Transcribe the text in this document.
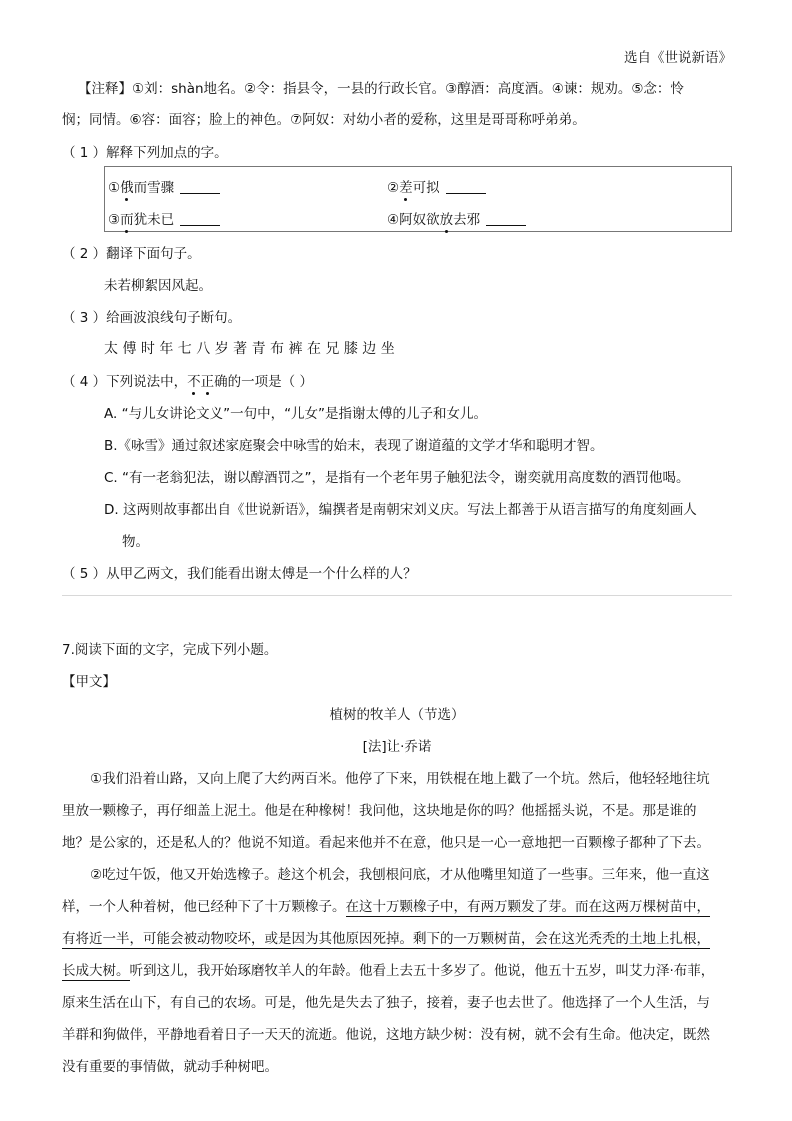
选自《世说新语》
【注释】①刘：shàn地名。②令：指县令，一县的行政长官。③醇酒：高度酒。④谏：规劝。⑤念：怜
悯；同情。⑥容：面容；脸上的神色。⑦阿奴：对幼小者的爱称，这里是哥哥称呼弟弟。
（ 1 ）解释下列加点的字。
①俄而雪骤	②差可拟
③而犹未已	④阿奴欲放去邪
（ 2 ）翻译下面句子。
未若柳絮因风起。
（ 3 ）给画波浪线句子断句。
太 傅 时 年 七 八 岁 著 青 布 裤 在 兄 膝 边 坐
（ 4 ）下列说法中，不正确的一项是（ ）
A. “与儿女讲论文义”一句中，“儿女”是指谢太傅的儿子和女儿。
B.《咏雪》通过叙述家庭聚会中咏雪的始末，表现了谢道蕴的文学才华和聪明才智。
C. “有一老翁犯法，谢以醇酒罚之”，是指有一个老年男子触犯法令，谢奕就用高度数的酒罚他喝。
D. 这两则故事都出自《世说新语》，编撰者是南朝宋刘义庆。写法上都善于从语言描写的角度刻画人
物。
（ 5 ）从甲乙两文，我们能看出谢太傅是一个什么样的人？
7.阅读下面的文字，完成下列小题。
【甲文】
植树的牧羊人（节选）
[法]让·乔诺
①我们沿着山路，又向上爬了大约两百米。他停了下来，用铁棍在地上戳了一个坑。然后，他轻轻地往坑
里放一颗橡子，再仔细盖上泥土。他是在种橡树！我问他，这块地是你的吗？他摇摇头说，不是。那是谁的
地？是公家的，还是私人的？他说不知道。看起来他并不在意，他只是一心一意地把一百颗橡子都种了下去。
②吃过午饭，他又开始选橡子。趁这个机会，我刨根问底，才从他嘴里知道了一些事。三年来，他一直这
样，一个人种着树，他已经种下了十万颗橡子。在这十万颗橡子中，有两万颗发了芽。而在这两万棵树苗中，
有将近一半，可能会被动物咬坏，或是因为其他原因死掉。剩下的一万颗树苗，会在这光秃秃的土地上扎根，
长成大树。听到这儿，我开始琢磨牧羊人的年龄。他看上去五十多岁了。他说，他五十五岁，叫艾力泽·布菲，
原来生活在山下，有自己的农场。可是，他先是失去了独子，接着，妻子也去世了。他选择了一个人生活，与
羊群和狗做伴，平静地看着日子一天天的流逝。他说，这地方缺少树：没有树，就不会有生命。他决定，既然
没有重要的事情做，就动手种树吧。
